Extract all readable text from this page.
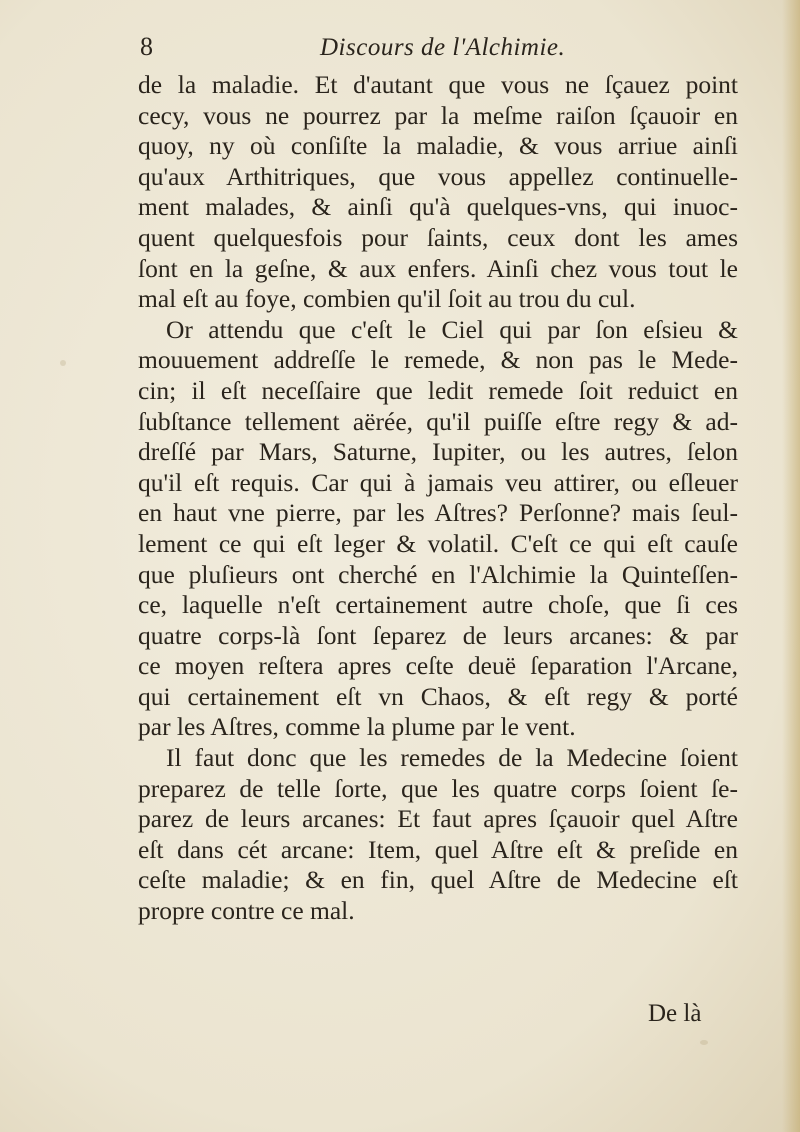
8	Discours de l'Alchimie.
de la maladie. Et d'autant que vous ne ſçauez point
cecy, vous ne pourrez par la meſme raiſon ſçauoir en
quoy, ny où conſiſte la maladie, & vous arriue ainſi
qu'aux Arthitriques, que vous appellez continuelle-
ment malades, & ainſi qu'à quelques-vns, qui inuoc-
quent quelquesfois pour ſaints, ceux dont les ames
ſont en la geſne, & aux enfers. Ainſi chez vous tout le
mal eſt au foye, combien qu'il ſoit au trou du cul.
Or attendu que c'eſt le Ciel qui par ſon eſsieu &
mouuement addreſſe le remede, & non pas le Mede-
cin; il eſt neceſſaire que ledit remede ſoit reduict en
ſubſtance tellement aërée, qu'il puiſſe eſtre regy & ad-
dreſſé par Mars, Saturne, Iupiter, ou les autres, ſelon
qu'il eſt requis. Car qui à jamais veu attirer, ou eſleuer
en haut vne pierre, par les Aſtres? Perſonne? mais ſeul-
lement ce qui eſt leger & volatil. C'eſt ce qui eſt cauſe
que pluſieurs ont cherché en l'Alchimie la Quinteſſen-
ce, laquelle n'eſt certainement autre choſe, que ſi ces
quatre corps-là ſont ſeparez de leurs arcanes: & par
ce moyen reſtera apres ceſte deuë ſeparation l'Arcane,
qui certainement eſt vn Chaos, & eſt regy & porté
par les Aſtres, comme la plume par le vent.
Il faut donc que les remedes de la Medecine ſoient
preparez de telle ſorte, que les quatre corps ſoient ſe-
parez de leurs arcanes: Et faut apres ſçauoir quel Aſtre
eſt dans cét arcane: Item, quel Aſtre eſt & preſide en
ceſte maladie; & en fin, quel Aſtre de Medecine eſt
propre contre ce mal.
De là
